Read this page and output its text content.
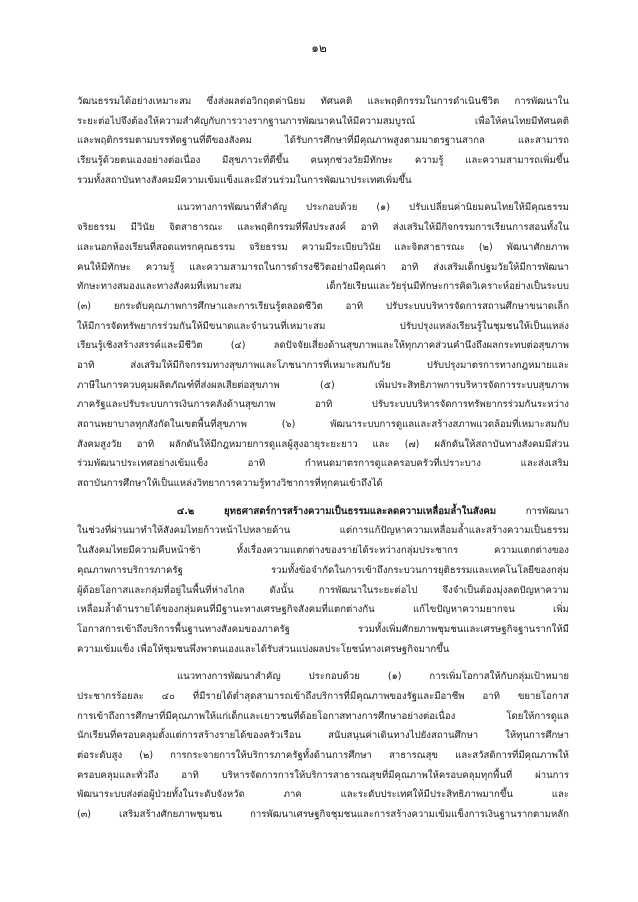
๑๒
วัฒนธรรมได้อย่างเหมาะสม ซึ่งส่งผลต่อวิกฤตค่านิยม ทัศนคติ และพฤติกรรมในการดำเนินชีวิต การพัฒนาใน
ระยะต่อไปจึงต้องให้ความสำคัญกับการวางรากฐานการพัฒนาคนให้มีความสมบูรณ์ เพื่อให้คนไทยมีทัศนคติ
และพฤติกรรมตามบรรทัดฐานที่ดีของสังคม ได้รับการศึกษาที่มีคุณภาพสูงตามมาตรฐานสากล และสามารถ
เรียนรู้ด้วยตนเองอย่างต่อเนื่อง มีสุขภาวะที่ดีขึ้น คนทุกช่วงวัยมีทักษะ ความรู้ และความสามารถเพิ่มขึ้น
รวมทั้งสถาบันทางสังคมมีความเข้มแข็งและมีส่วนร่วมในการพัฒนาประเทศเพิ่มขึ้น
แนวทางการพัฒนาที่สำคัญ ประกอบด้วย (๑) ปรับเปลี่ยนค่านิยมคนไทยให้มีคุณธรรม
จริยธรรม มีวินัย จิตสาธารณะ และพฤติกรรมที่พึงประสงค์ อาทิ ส่งเสริมให้มีกิจกรรมการเรียนการสอนทั้งใน
และนอกห้องเรียนที่สอดแทรกคุณธรรม จริยธรรม ความมีระเบียบวินัย และจิตสาธารณะ (๒) พัฒนาศักยภาพ
คนให้มีทักษะ ความรู้ และความสามารถในการดำรงชีวิตอย่างมีคุณค่า อาทิ ส่งเสริมเด็กปฐมวัยให้มีการพัฒนา
ทักษะทางสมองและทางสังคมที่เหมาะสม เด็กวัยเรียนและวัยรุ่นมีทักษะการคิดวิเคราะห์อย่างเป็นระบบ
(๓) ยกระดับคุณภาพการศึกษาและการเรียนรู้ตลอดชีวิต อาทิ ปรับระบบบริหารจัดการสถานศึกษาขนาดเล็ก
ให้มีการจัดทรัพยากรร่วมกันให้มีขนาดและจำนวนที่เหมาะสม ปรับปรุงแหล่งเรียนรู้ในชุมชนให้เป็นแหล่ง
เรียนรู้เชิงสร้างสรรค์และมีชีวิต (๔) ลดปัจจัยเสี่ยงด้านสุขภาพและให้ทุกภาคส่วนคำนึงถึงผลกระทบต่อสุขภาพ
อาทิ ส่งเสริมให้มีกิจกรรมทางสุขภาพและโภชนาการที่เหมาะสมกับวัย ปรับปรุงมาตรการทางกฎหมายและ
ภาษีในการควบคุมผลิตภัณฑ์ที่ส่งผลเสียต่อสุขภาพ (๕) เพิ่มประสิทธิภาพการบริหารจัดการระบบสุขภาพ
ภาครัฐและปรับระบบการเงินการคลังด้านสุขภาพ อาทิ ปรับระบบบริหารจัดการทรัพยากรร่วมกันระหว่าง
สถานพยาบาลทุกสังกัดในเขตพื้นที่สุขภาพ (๖) พัฒนาระบบการดูแลและสร้างสภาพแวดล้อมที่เหมาะสมกับ
สังคมสูงวัย อาทิ ผลักดันให้มีกฎหมายการดูแลผู้สูงอายุระยะยาว และ (๗) ผลักดันให้สถาบันทางสังคมมีส่วน
ร่วมพัฒนาประเทศอย่างเข้มแข็ง อาทิ กำหนดมาตรการดูแลครอบครัวที่เปราะบาง และส่งเสริม
สถาบันการศึกษาให้เป็นแหล่งวิทยาการความรู้ทางวิชาการที่ทุกคนเข้าถึงได้
๔.๒ ยุทธศาสตร์การสร้างความเป็นธรรมและลดความเหลื่อมล้ำในสังคม	การพัฒนา
ในช่วงที่ผ่านมาทำให้สังคมไทยก้าวหน้าไปหลายด้าน แต่การแก้ปัญหาความเหลื่อมล้ำและสร้างความเป็นธรรม
ในสังคมไทยมีความคืบหน้าช้า ทั้งเรื่องความแตกต่างของรายได้ระหว่างกลุ่มประชากร ความแตกต่างของ
คุณภาพการบริการภาครัฐ รวมทั้งข้อจำกัดในการเข้าถึงกระบวนการยุติธรรมและเทคโนโลยีของกลุ่ม
ผู้ด้อยโอกาสและกลุ่มที่อยู่ในพื้นที่ห่างไกล ดังนั้น การพัฒนาในระยะต่อไป จึงจำเป็นต้องมุ่งลดปัญหาความ
เหลื่อมล้ำด้านรายได้ของกลุ่มคนที่มีฐานะทางเศรษฐกิจสังคมที่แตกต่างกัน แก้ไขปัญหาความยากจน เพิ่ม
โอกาสการเข้าถึงบริการพื้นฐานทางสังคมของภาครัฐ รวมทั้งเพิ่มศักยภาพชุมชนและเศรษฐกิจฐานรากให้มี
ความเข้มแข็ง เพื่อให้ชุมชนพึ่งพาตนเองและได้รับส่วนแบ่งผลประโยชน์ทางเศรษฐกิจมากขึ้น
แนวทางการพัฒนาสำคัญ ประกอบด้วย (๑) การเพิ่มโอกาสให้กับกลุ่มเป้าหมาย
ประชากรร้อยละ ๔๐ ที่มีรายได้ต่ำสุดสามารถเข้าถึงบริการที่มีคุณภาพของรัฐและมีอาชีพ อาทิ ขยายโอกาส
การเข้าถึงการศึกษาที่มีคุณภาพให้แก่เด็กและเยาวชนที่ด้อยโอกาสทางการศึกษาอย่างต่อเนื่อง โดยให้การดูแล
นักเรียนที่ครอบคลุมตั้งแต่การสร้างรายได้ของครัวเรือน สนับสนุนค่าเดินทางไปยังสถานศึกษา ให้ทุนการศึกษา
ต่อระดับสูง (๒) การกระจายการให้บริการภาครัฐทั้งด้านการศึกษา สาธารณสุข และสวัสดิการที่มีคุณภาพให้
ครอบคลุมและทั่วถึง อาทิ บริหารจัดการการให้บริการสาธารณสุขที่มีคุณภาพให้ครอบคลุมทุกพื้นที่ ผ่านการ
พัฒนาระบบส่งต่อผู้ป่วยทั้งในระดับจังหวัด ภาค และระดับประเทศให้มีประสิทธิภาพมากขึ้น และ
(๓) เสริมสร้างศักยภาพชุมชน การพัฒนาเศรษฐกิจชุมชนและการสร้างความเข้มแข็งการเงินฐานรากตามหลัก
